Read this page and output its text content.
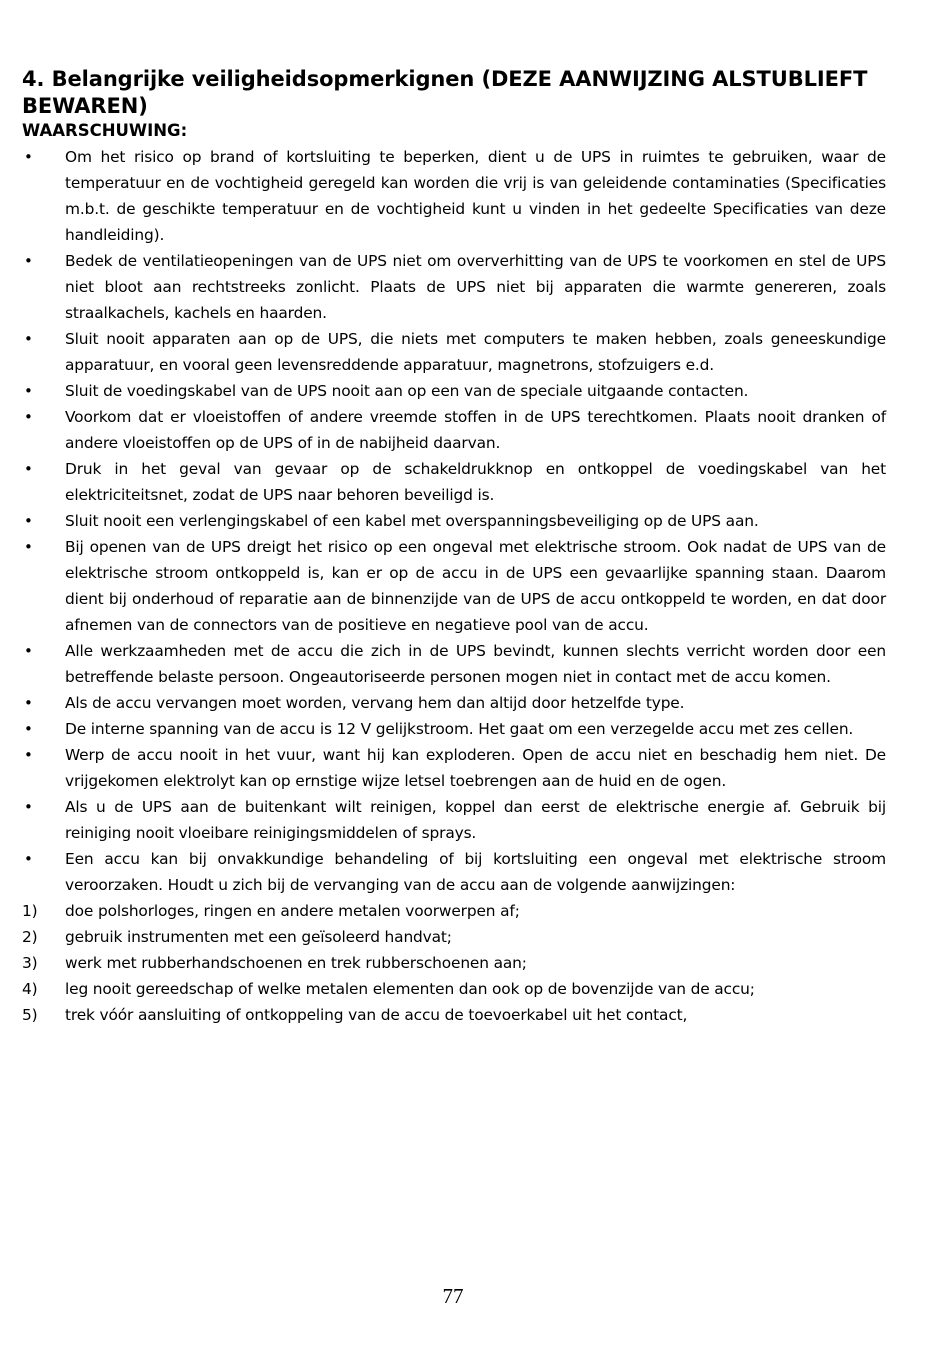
4. Belangrijke veiligheidsopmerkignen (DEZE AANWIJZING ALSTUBLIEFT BEWAREN)
WAARSCHUWING:
• Om het risico op brand of kortsluiting te beperken, dient u de UPS in ruimtes te gebruiken, waar de temperatuur en de vochtigheid geregeld kan worden die vrij is van geleidende contaminaties (Specificaties m.b.t. de geschikte temperatuur en de vochtigheid kunt u vinden in het gedeelte Specificaties van deze handleiding).
• Bedek de ventilatieopeningen van de UPS niet om oververhitting van de UPS te voorkomen en stel de UPS niet bloot aan rechtstreeks zonlicht. Plaats de UPS niet bij apparaten die warmte genereren, zoals straalkachels, kachels en haarden.
• Sluit nooit apparaten aan op de UPS, die niets met computers te maken hebben, zoals geneeskundige apparatuur, en vooral geen levensreddende apparatuur, magnetrons, stofzuigers e.d.
• Sluit de voedingskabel van de UPS nooit aan op een van de speciale uitgaande contacten.
• Voorkom dat er vloeistoffen of andere vreemde stoffen in de UPS terechtkomen. Plaats nooit dranken of andere vloeistoffen op de UPS of in de nabijheid daarvan.
• Druk in het geval van gevaar op de schakeldrukknop en ontkoppel de voedingskabel van het elektriciteitsnet, zodat de UPS naar behoren beveiligd is.
• Sluit nooit een verlengingskabel of een kabel met overspanningsbeveiliging op de UPS aan.
• Bij openen van de UPS dreigt het risico op een ongeval met elektrische stroom. Ook nadat de UPS van de elektrische stroom ontkoppeld is, kan er op de accu in de UPS een gevaarlijke spanning staan. Daarom dient bij onderhoud of reparatie aan de binnenzijde van de UPS de accu ontkoppeld te worden, en dat door afnemen van de connectors van de positieve en negatieve pool van de accu.
• Alle werkzaamheden met de accu die zich in de UPS bevindt, kunnen slechts verricht worden door een betreffende belaste persoon. Ongeautoriseerde personen mogen niet in contact met de accu komen.
• Als de accu vervangen moet worden, vervang hem dan altijd door hetzelfde type.
• De interne spanning van de accu is 12 V gelijkstroom. Het gaat om een verzegelde accu met zes cellen.
• Werp de accu nooit in het vuur, want hij kan exploderen. Open de accu niet en beschadig hem niet. De vrijgekomen elektrolyt kan op ernstige wijze letsel toebrengen aan de huid en de ogen.
• Als u de UPS aan de buitenkant wilt reinigen, koppel dan eerst de elektrische energie af. Gebruik bij reiniging nooit vloeibare reinigingsmiddelen of sprays.
• Een accu kan bij onvakkundige behandeling of bij kortsluiting een ongeval met elektrische stroom veroorzaken. Houdt u zich bij de vervanging van de accu aan de volgende aanwijzingen:
1) doe polshorloges, ringen en andere metalen voorwerpen af;
2) gebruik instrumenten met een geïsoleerd handvat;
3) werk met rubberhandschoenen en trek rubberschoenen aan;
4) leg nooit gereedschap of welke metalen elementen dan ook op de bovenzijde van de accu;
5) trek vóór aansluiting of ontkoppeling van de accu de toevoerkabel uit het contact,
77
